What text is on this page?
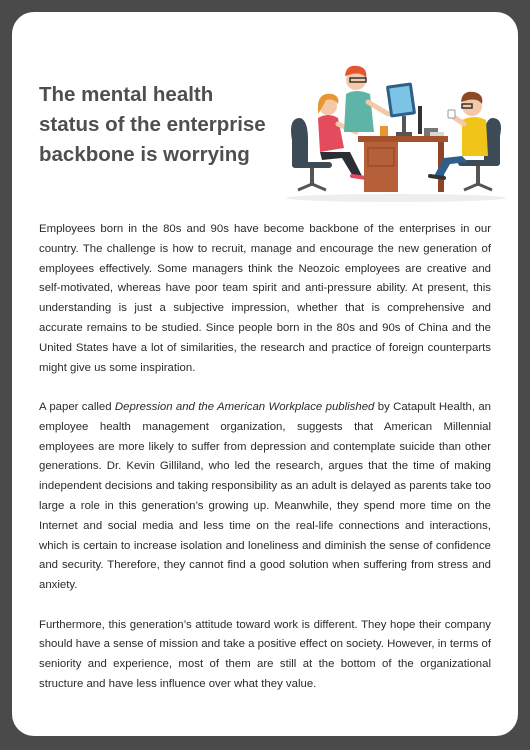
The mental health
status of the enterprise
backbone is worrying

Employees born in the 80s and 90s have become backbone of the enterprises in our country. The challenge is how to recruit, manage and encourage the new generation of employees effectively. Some managers think the Neozoic employees are creative and self-motivated, whereas have poor team spirit and anti-pressure ability. At present, this understanding is just a subjective impression, whether that is comprehensive and accurate remains to be studied. Since people born in the 80s and 90s of China and the United States have a lot of similarities, the research and practice of foreign counterparts might give us some inspiration.

A paper called Depression and the American Workplace published by Catapult Health, an employee health management organization, suggests that American Millennial employees are more likely to suffer from depression and contemplate suicide than other generations. Dr. Kevin Gilliland, who led the research, argues that the time of making independent decisions and taking responsibility as an adult is delayed as parents take too large a role in this generation’s growing up. Meanwhile, they spend more time on the Internet and social media and less time on the real-life connections and interactions, which is certain to increase isolation and loneliness and diminish the sense of confidence and security. Therefore, they cannot find a good solution when suffering from stress and anxiety.

Furthermore, this generation’s attitude toward work is different. They hope their company should have a sense of mission and take a positive effect on society. However, in terms of seniority and experience, most of them are still at the bottom of the organizational structure and have less influence over what they value.
